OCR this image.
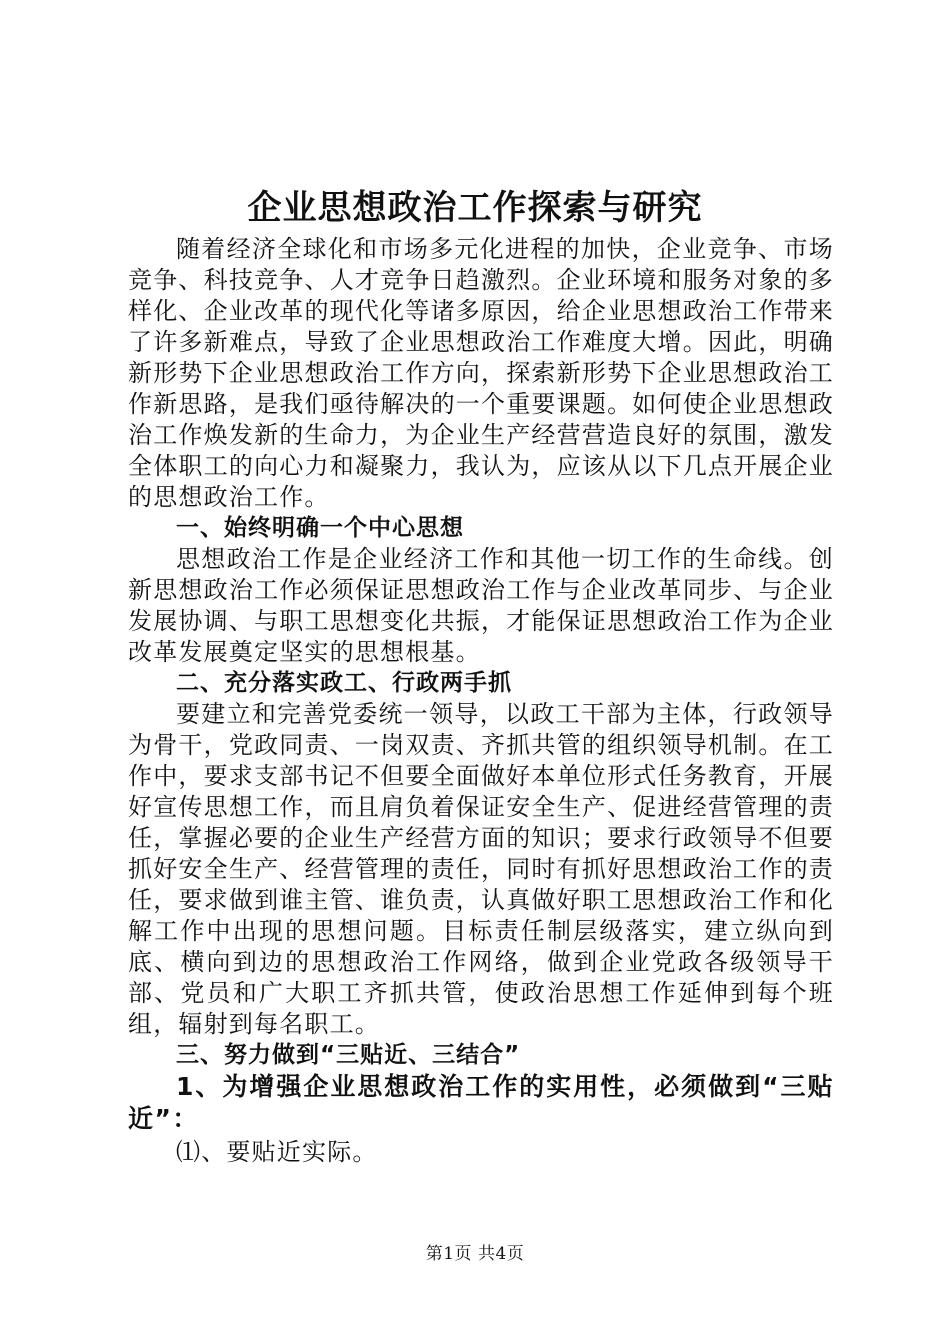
企业思想政治工作探索与研究

随着经济全球化和市场多元化进程的加快，企业竞争、市场竞争、科技竞争、人才竞争日趋激烈。企业环境和服务对象的多样化、企业改革的现代化等诸多原因，给企业思想政治工作带来了许多新难点，导致了企业思想政治工作难度大增。因此，明确新形势下企业思想政治工作方向，探索新形势下企业思想政治工作新思路，是我们亟待解决的一个重要课题。如何使企业思想政治工作焕发新的生命力，为企业生产经营营造良好的氛围，激发全体职工的向心力和凝聚力，我认为，应该从以下几点开展企业的思想政治工作。

一、始终明确一个中心思想

思想政治工作是企业经济工作和其他一切工作的生命线。创新思想政治工作必须保证思想政治工作与企业改革同步、与企业发展协调、与职工思想变化共振，才能保证思想政治工作为企业改革发展奠定坚实的思想根基。

二、充分落实政工、行政两手抓

要建立和完善党委统一领导，以政工干部为主体，行政领导为骨干，党政同责、一岗双责、齐抓共管的组织领导机制。在工作中，要求支部书记不但要全面做好本单位形式任务教育，开展好宣传思想工作，而且肩负着保证安全生产、促进经营管理的责任，掌握必要的企业生产经营方面的知识；要求行政领导不但要抓好安全生产、经营管理的责任，同时有抓好思想政治工作的责任，要求做到谁主管、谁负责，认真做好职工思想政治工作和化解工作中出现的思想问题。目标责任制层级落实，建立纵向到底、横向到边的思想政治工作网络，做到企业党政各级领导干部、党员和广大职工齐抓共管，使政治思想工作延伸到每个班组，辐射到每名职工。

三、努力做到“三贴近、三结合”

1、为增强企业思想政治工作的实用性，必须做到“三贴近”：

⑴、要贴近实际。

第1页 共4页
